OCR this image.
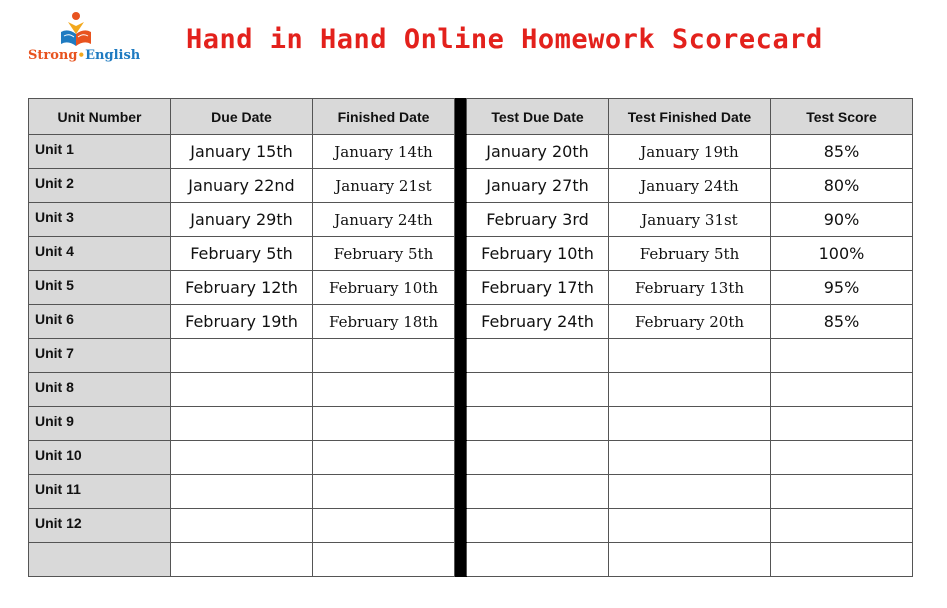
Strong•English
Hand in Hand Online Homework Scorecard
Unit Number	Due Date	Finished Date		Test Due Date	Test Finished Date	Test Score
Unit 1	January 15th	January 14th		January 20th	January 19th	85%
Unit 2	January 22nd	January 21st		January 27th	January 24th	80%
Unit 3	January 29th	January 24th		February 3rd	January 31st	90%
Unit 4	February 5th	February 5th		February 10th	February 5th	100%
Unit 5	February 12th	February 10th		February 17th	February 13th	95%
Unit 6	February 19th	February 18th		February 24th	February 20th	85%
Unit 7						
Unit 8						
Unit 9						
Unit 10						
Unit 11						
Unit 12						
